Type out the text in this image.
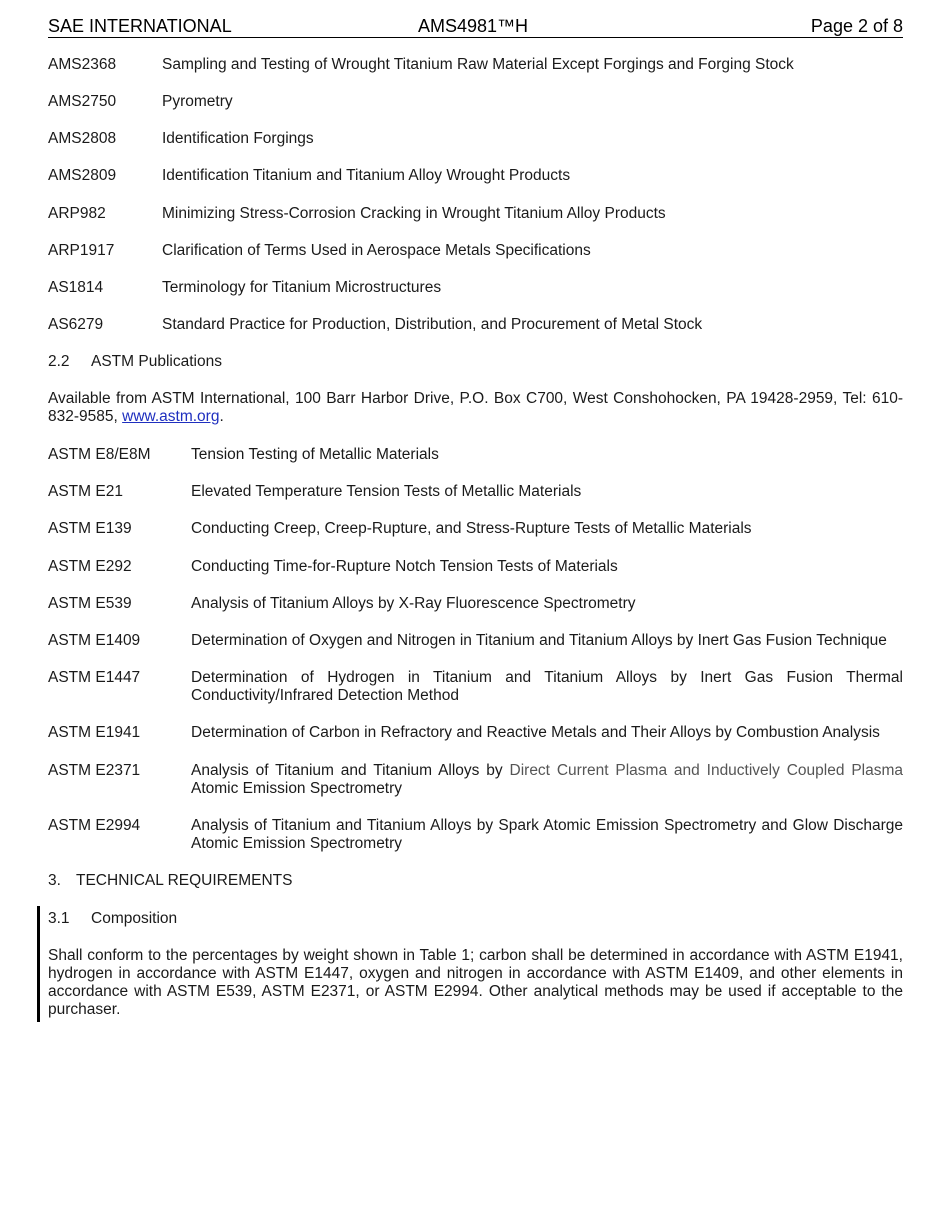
SAE INTERNATIONAL	AMS4981™H	Page 2 of 8
AMS2368	Sampling and Testing of Wrought Titanium Raw Material Except Forgings and Forging Stock
AMS2750	Pyrometry
AMS2808	Identification Forgings
AMS2809	Identification Titanium and Titanium Alloy Wrought Products
ARP982	Minimizing Stress-Corrosion Cracking in Wrought Titanium Alloy Products
ARP1917	Clarification of Terms Used in Aerospace Metals Specifications
AS1814	Terminology for Titanium Microstructures
AS6279	Standard Practice for Production, Distribution, and Procurement of Metal Stock
2.2 ASTM Publications
Available from ASTM International, 100 Barr Harbor Drive, P.O. Box C700, West Conshohocken, PA 19428-2959, Tel: 610-832-9585, www.astm.org.
ASTM E8/E8M	Tension Testing of Metallic Materials
ASTM E21	Elevated Temperature Tension Tests of Metallic Materials
ASTM E139	Conducting Creep, Creep-Rupture, and Stress-Rupture Tests of Metallic Materials
ASTM E292	Conducting Time-for-Rupture Notch Tension Tests of Materials
ASTM E539	Analysis of Titanium Alloys by X-Ray Fluorescence Spectrometry
ASTM E1409	Determination of Oxygen and Nitrogen in Titanium and Titanium Alloys by Inert Gas Fusion Technique
ASTM E1447	Determination of Hydrogen in Titanium and Titanium Alloys by Inert Gas Fusion Thermal Conductivity/Infrared Detection Method
ASTM E1941	Determination of Carbon in Refractory and Reactive Metals and Their Alloys by Combustion Analysis
ASTM E2371	Analysis of Titanium and Titanium Alloys by Direct Current Plasma and Inductively Coupled Plasma Atomic Emission Spectrometry
ASTM E2994	Analysis of Titanium and Titanium Alloys by Spark Atomic Emission Spectrometry and Glow Discharge Atomic Emission Spectrometry
3. TECHNICAL REQUIREMENTS
3.1 Composition
Shall conform to the percentages by weight shown in Table 1; carbon shall be determined in accordance with ASTM E1941, hydrogen in accordance with ASTM E1447, oxygen and nitrogen in accordance with ASTM E1409, and other elements in accordance with ASTM E539, ASTM E2371, or ASTM E2994. Other analytical methods may be used if acceptable to the purchaser.
